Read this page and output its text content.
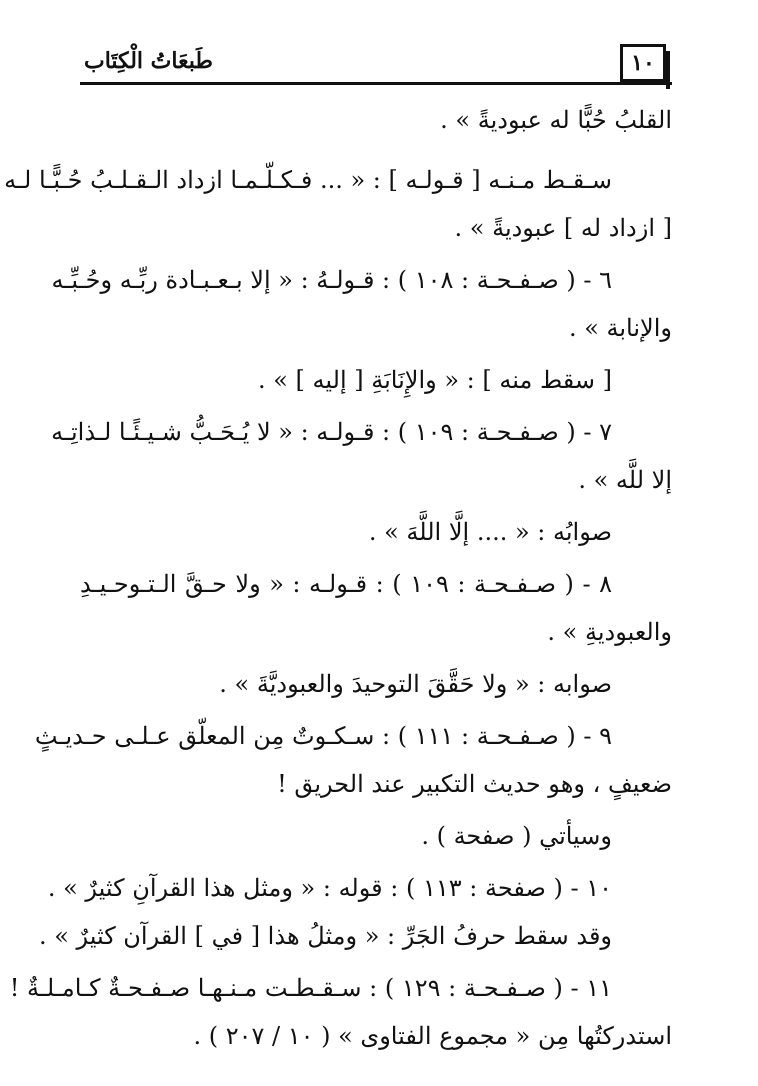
طَبعَاتُ الْكِتَاب	١٠
القلبُ حُبًّا له عبوديةً » .
سـقـط مـنـه [ قـولـه ] : « ... فـكـلّـمـا ازداد الـقـلـبُ حُـبًّـا لـه
[ ازداد له ] عبوديةً » .
٦ - ( صـفـحـة : ١٠٨ ) : قـولـهُ : « إلا بـعـبـادة ربِّـه وحُـبِّـه
والإنابة » .
[ سقط منه ] : « والإِنَابَةِ [ إليه ] » .
٧ - ( صـفـحـة : ١٠٩ ) : قـولـه : « لا يُـحَـبُّ شـيـئًـا لـذاتِـه
إلا للَّه » .
صوابُه : « .... إلَّا اللَّهَ » .
٨ - ( صـفـحـة : ١٠٩ ) : قـولـه : « ولا حـقَّ الـتـوحـيـدِ
والعبوديةِ » .
صوابه : « ولا حَقَّقَ التوحيدَ والعبوديَّةَ » .
٩ - ( صـفـحـة : ١١١ ) : سـكـوتٌ مِن المعلّق عـلـى حـديـثٍ
ضعيفٍ ، وهو حديث التكبير عند الحريق !
وسيأتي ( صفحة ) .
١٠ - ( صفحة : ١١٣ ) : قوله : « ومثل هذا القرآنِ كثيرٌ » .
وقد سقط حرفُ الجَرِّ : « ومثلُ هذا [ في ] القرآن كثيرٌ » .
١١ - ( صـفـحـة : ١٢٩ ) : سـقـطـت مـنـهـا صـفـحـةٌ كـامـلـةٌ !
استدركتُها مِن « مجموع الفتاوى » ( ١٠ / ٢٠٧ ) .
